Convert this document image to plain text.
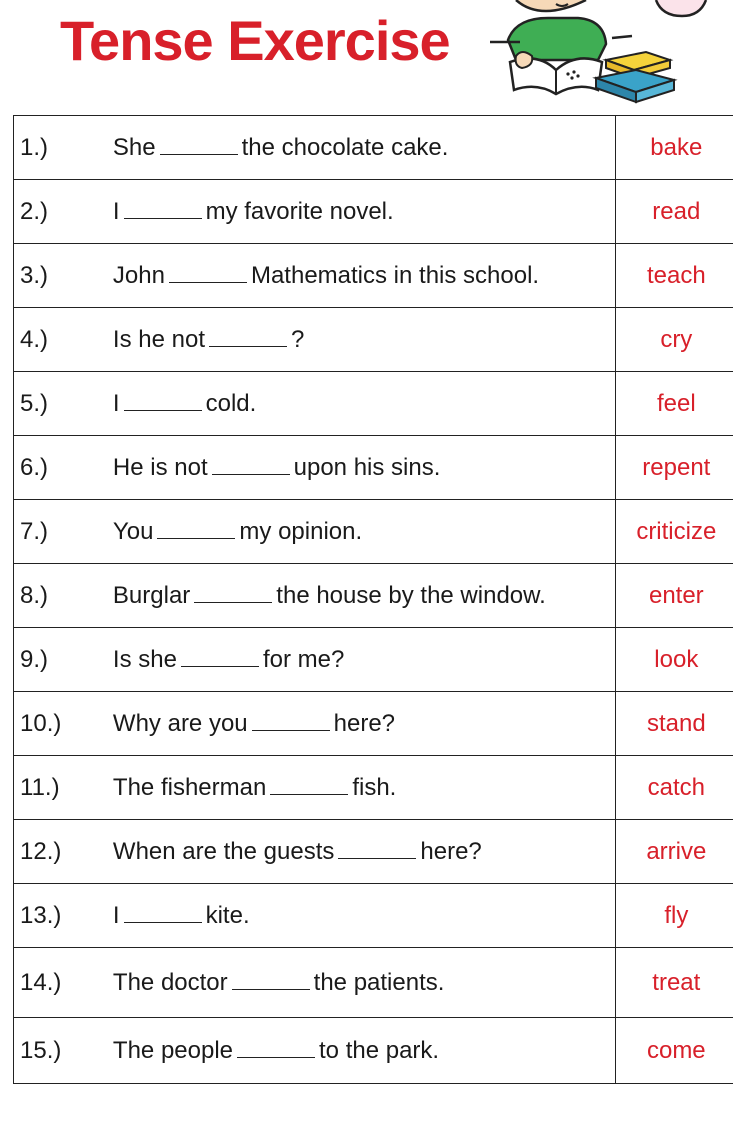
Tense Exercise
1.)	She the chocolate cake.	bake
2.)	I my favorite novel.	read
3.)	John Mathematics in this school.	teach
4.)	Is he not ?	cry
5.)	I cold.	feel
6.)	He is not upon his sins.	repent
7.)	You my opinion.	criticize
8.)	Burglar the house by the window.	enter
9.)	Is she for me?	look
10.)	Why are you here?	stand
11.)	The fisherman fish.	catch
12.)	When are the guests here?	arrive
13.)	I kite.	fly
14.)	The doctor the patients.	treat
15.)	The people to the park.	come
